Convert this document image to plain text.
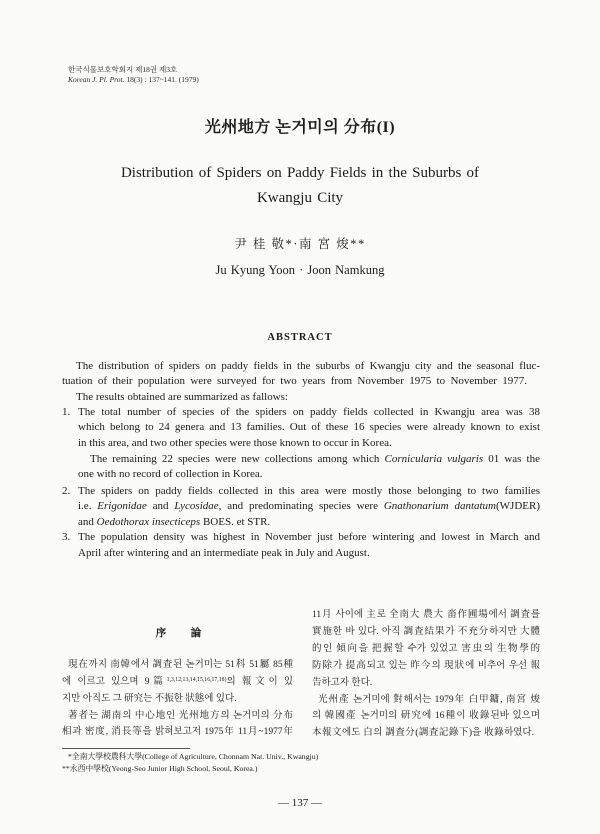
한국식물보호학회지 제18권 제3호
Korean J. Pl. Prot. 18(3) : 137~141. (1979)
光州地方 논거미의 分布(I)
Distribution of Spiders on Paddy Fields in the Suburbs of
Kwangju City
尹 桂 敬*·南 宮 焌**
Ju Kyung Yoon · Joon Namkung
ABSTRACT
The distribution of spiders on paddy fields in the suburbs of Kwangju city and the seasonal fluc-
tuation of their population were surveyed for two years from November 1975 to November 1977.
The results obtained are summarized as fallows:
1. The total number of species of the spiders on paddy fields collected in Kwangju area was 38
which belong to 24 genera and 13 families. Out of these 16 species were already known to exist
in this area, and two other species were those known to occur in Korea.
The remaining 22 species were new collections among which Cornicularia vulgaris 01 was the
one with no record of collection in Korea.
2. The spiders on paddy fields collected in this area were mostly those belonging to two families
i.e. Erigonidae and Lycosidae, and predominating species were Gnathonarium dantatum(WJDER)
and Oedothorax insecticeps BOES. et STR.
3. The population density was highest in November just before wintering and lowest in March and
April after wintering and an intermediate peak in July and August.
11月 사이에 主로 全南大 農大 畓作圃場에서 調査를
實施한 바 있다. 아직 調査結果가 不充分하지만 大體
的인 傾向을 把握할 수가 있었고 害虫의 生物學的
防除가 提高되고 있는 昨今의 現狀에 비추어 우선 報
告하고자 한다.
光州產 논거미에 對해서는 1979年 白甲鏞, 南宮 焌
의 韓國產 논거미의 研究에 16種이 收錄된바 있으며
本報文에도 白의 調査分(調査記錄下)을 收錄하였다.
序 論
現在까지 南韓에서 調査된 논거미는 51科 51屬 85種
에 이르고 있으며 9篇$^{1,3,12,13,14,15,16,17,18)}$의 報文이 있
지만 아직도 그 研究는 不振한 狀態에 있다.
著者는 湖南의 中心地인 光州地方의 논거미의 分布
相과 密度, 消長等을 밝혀보고저 1975年 11月~1977年
*全南大學校農科大學(College of Agriculture, Chonnam Nat. Univ., Kwangju)
**永西中學校(Yeong-Seo Junior High School, Seoul, Korea.)
— 137 —
